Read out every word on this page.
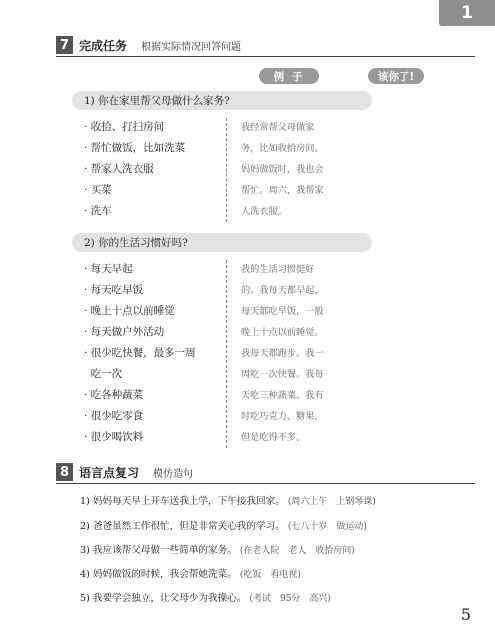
1
7 完成任务 根据实际情况回答问题
例 子	该你了!
1) 你在家里帮父母做什么家务?
· 收拾、打扫房间
· 帮忙做饭，比如洗菜
· 帮家人洗衣服
· 买菜
· 洗车
我经常帮父母做家
务，比如收拾房间。
妈妈做饭时，我也会
帮忙。周六，我帮家
人洗衣服。
2) 你的生活习惯好吗?
· 每天早起
· 每天吃早饭
· 晚上十点以前睡觉
· 每天做户外活动
· 很少吃快餐，最多一周
吃一次
· 吃各种蔬菜
· 很少吃零食
· 很少喝饮料
我的生活习惯挺好
的。我每天都早起，
每天都吃早饭，一般
晚上十点以前睡觉。
我每天都跑步。我一
周吃一次快餐。我每
天吃三种蔬菜。我有
时吃巧克力、糖果，
但是吃得不多。
8 语言点复习 模仿造句
1) 妈妈每天早上开车送我上学，下午接我回家。 (周六上午　上钢琴课)
2) 爸爸虽然工作很忙，但是非常关心我的学习。 (七八十岁　做运动)
3) 我应该帮父母做一些简单的家务。 (在老人院　老人　收拾房间)
4) 妈妈做饭的时候，我会帮她洗菜。 (吃饭　看电视)
5) 我要学会独立，让父母少为我操心。 (考试　95分　高兴)
5
